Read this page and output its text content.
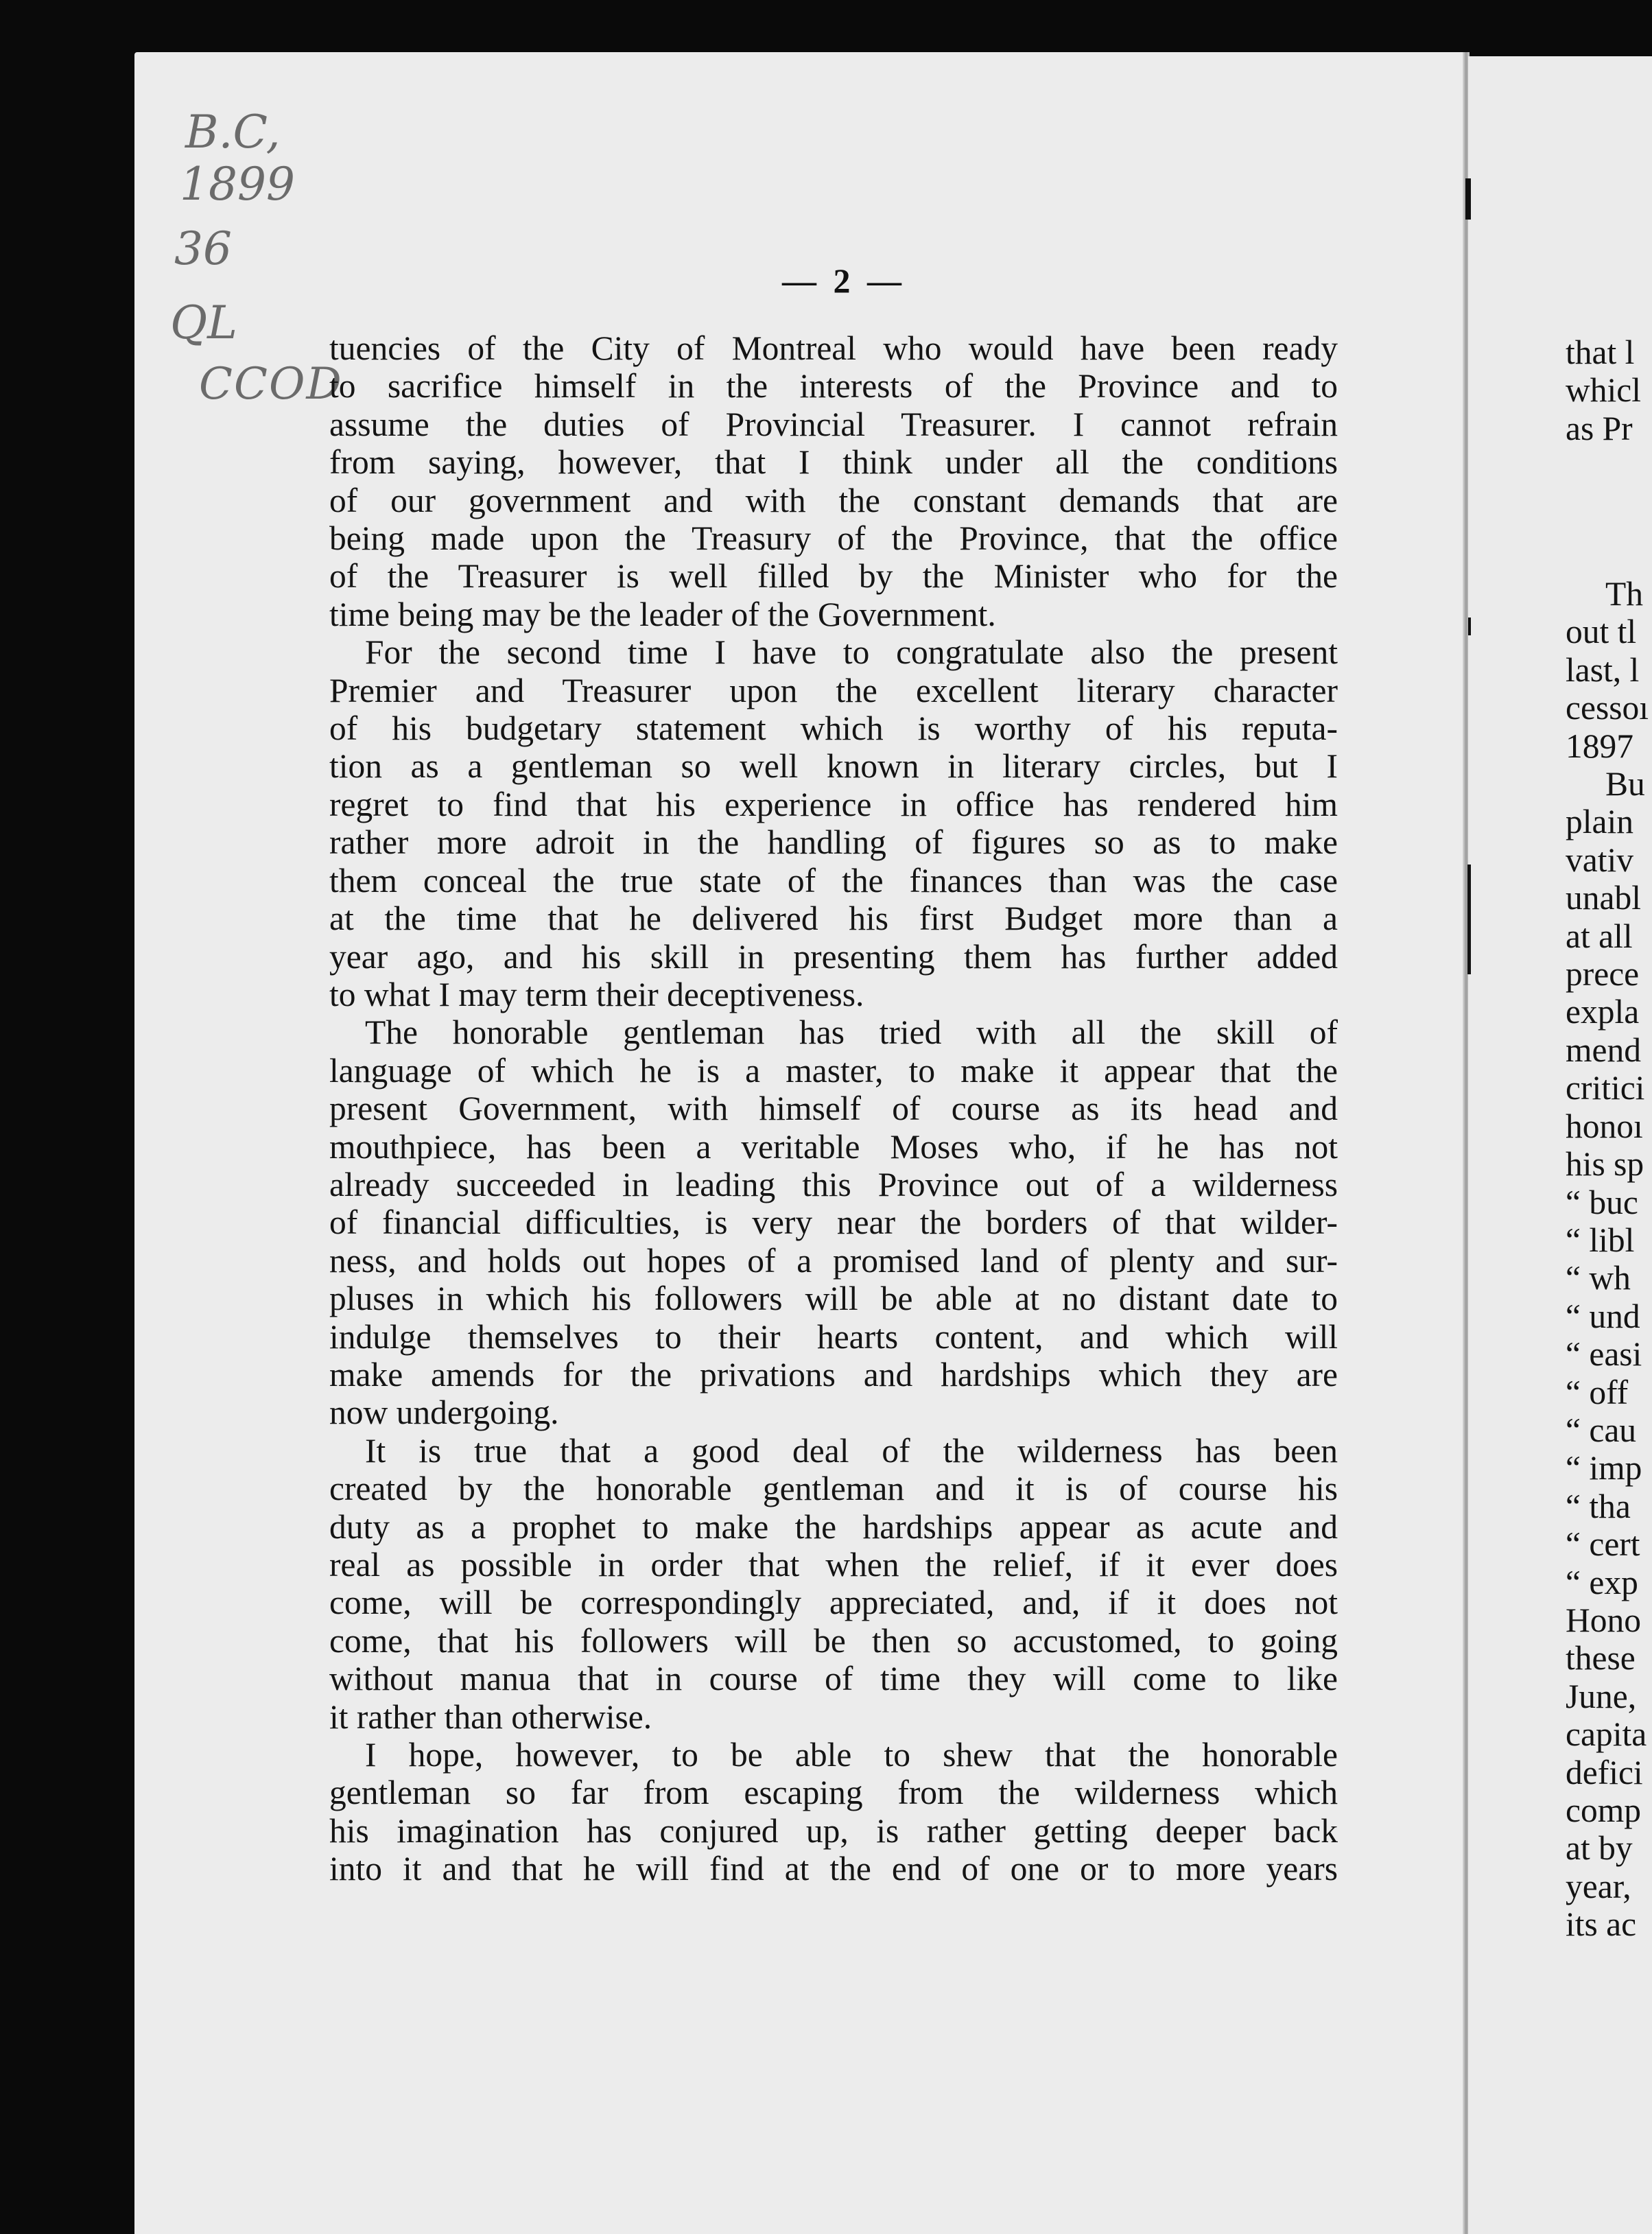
B.C,
1899
36
QL
CCOD
— 2 —
tuencies of the City of Montreal who would have been ready
to sacrifice himself in the interests of the Province and to
assume the duties of Provincial Treasurer. I cannot refrain
from saying, however, that I think under all the conditions
of our government and with the constant demands that are
being made upon the Treasury of the Province, that the office
of the Treasurer is well filled by the Minister who for the
time being may be the leader of the Government.
For the second time I have to congratulate also the present
Premier and Treasurer upon the excellent literary character
of his budgetary statement which is worthy of his reputa-
tion as a gentleman so well known in literary circles, but I
regret to find that his experience in office has rendered him
rather more adroit in the handling of figures so as to make
them conceal the true state of the finances than was the case
at the time that he delivered his first Budget more than a
year ago, and his skill in presenting them has further added
to what I may term their deceptiveness.
The honorable gentleman has tried with all the skill of
language of which he is a master, to make it appear that the
present Government, with himself of course as its head and
mouthpiece, has been a veritable Moses who, if he has not
already succeeded in leading this Province out of a wilderness
of financial difficulties, is very near the borders of that wilder-
ness, and holds out hopes of a promised land of plenty and sur-
pluses in which his followers will be able at no distant date to
indulge themselves to their hearts content, and which will
make amends for the privations and hardships which they are
now undergoing.
It is true that a good deal of the wilderness has been
created by the honorable gentleman and it is of course his
duty as a prophet to make the hardships appear as acute and
real as possible in order that when the relief, if it ever does
come, will be correspondingly appreciated, and, if it does not
come, that his followers will be then so accustomed, to going
without manua that in course of time they will come to like
it rather than otherwise.
I hope, however, to be able to shew that the honorable
gentleman so far from escaping from the wilderness which
his imagination has conjured up, is rather getting deeper back
into it and that he will find at the end of one or to more years
that l
whicl
as Pr
Th
out tl
last, l
cessoı
1897
Bu
plain
vativ
unabl
at all
prece
expla
mend
critici
honoı
his sp
“ buc
“ libl
“ wh
“ und
“ easi
“ off
“ cau
“ imp
“ tha
“ cert
“ exp
Hono
these
June,
capita
defici
comp
at by
year,
its ac
